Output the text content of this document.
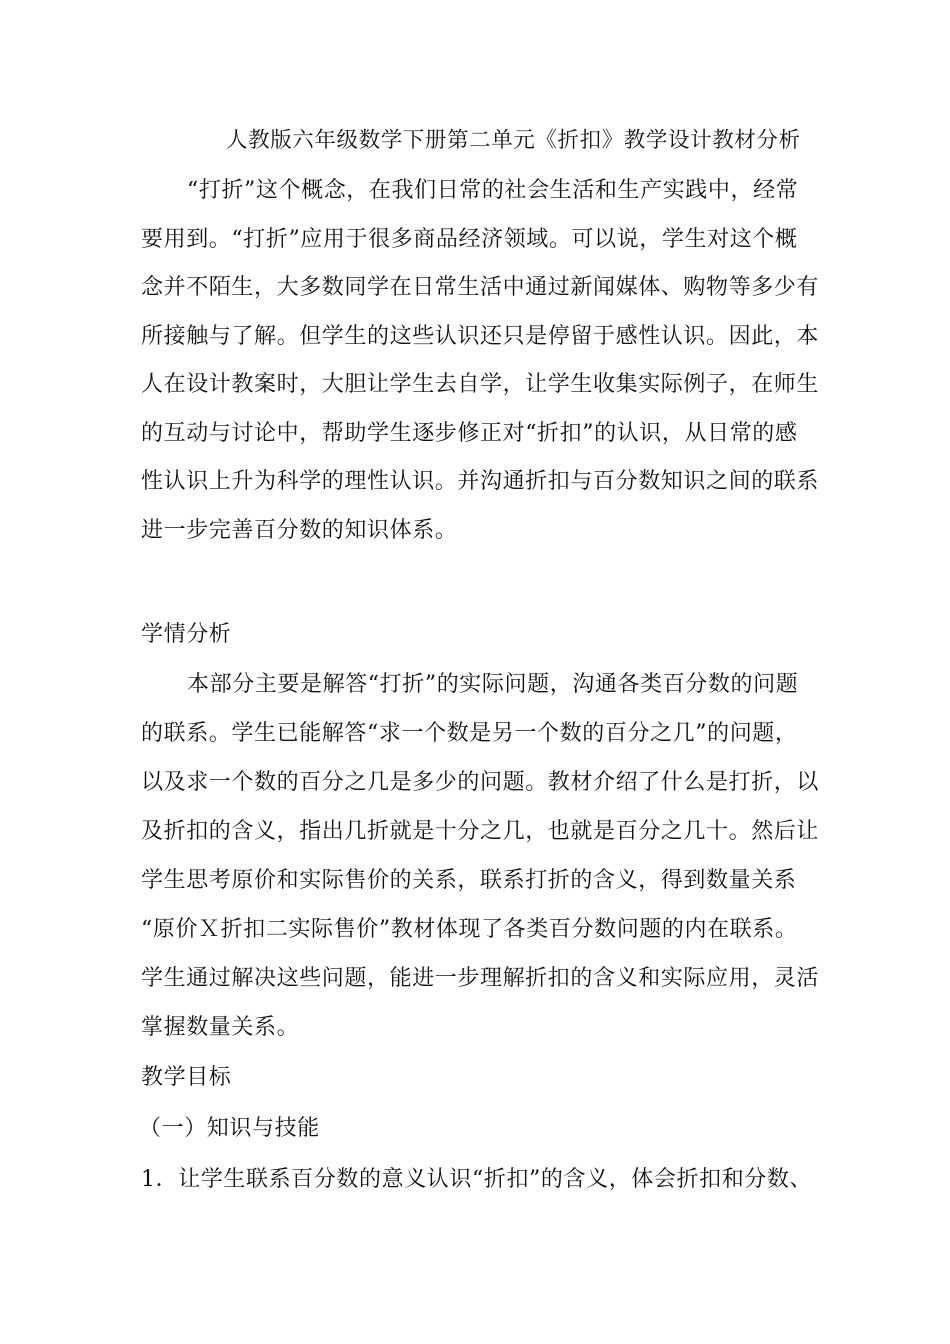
人教版六年级数学下册第二单元《折扣》教学设计教材分析
“打折”这个概念，在我们日常的社会生活和生产实践中，经常
要用到。“打折”应用于很多商品经济领域。可以说，学生对这个概
念并不陌生，大多数同学在日常生活中通过新闻媒体、购物等多少有
所接触与了解。但学生的这些认识还只是停留于感性认识。因此，本
人在设计教案时，大胆让学生去自学，让学生收集实际例子，在师生
的互动与讨论中，帮助学生逐步修正对“折扣”的认识，从日常的感
性认识上升为科学的理性认识。并沟通折扣与百分数知识之间的联系
进一步完善百分数的知识体系。
学情分析
本部分主要是解答“打折”的实际问题，沟通各类百分数的问题
的联系。学生已能解答“求一个数是另一个数的百分之几”的问题，
以及求一个数的百分之几是多少的问题。教材介绍了什么是打折，以
及折扣的含义，指出几折就是十分之几，也就是百分之几十。然后让
学生思考原价和实际售价的关系，联系打折的含义，得到数量关系
“原价Ｘ折扣二实际售价”教材体现了各类百分数问题的内在联系。
学生通过解决这些问题，能进一步理解折扣的含义和实际应用，灵活
掌握数量关系。
教学目标
（一）知识与技能
1．让学生联系百分数的意义认识“折扣”的含义，体会折扣和分数、
